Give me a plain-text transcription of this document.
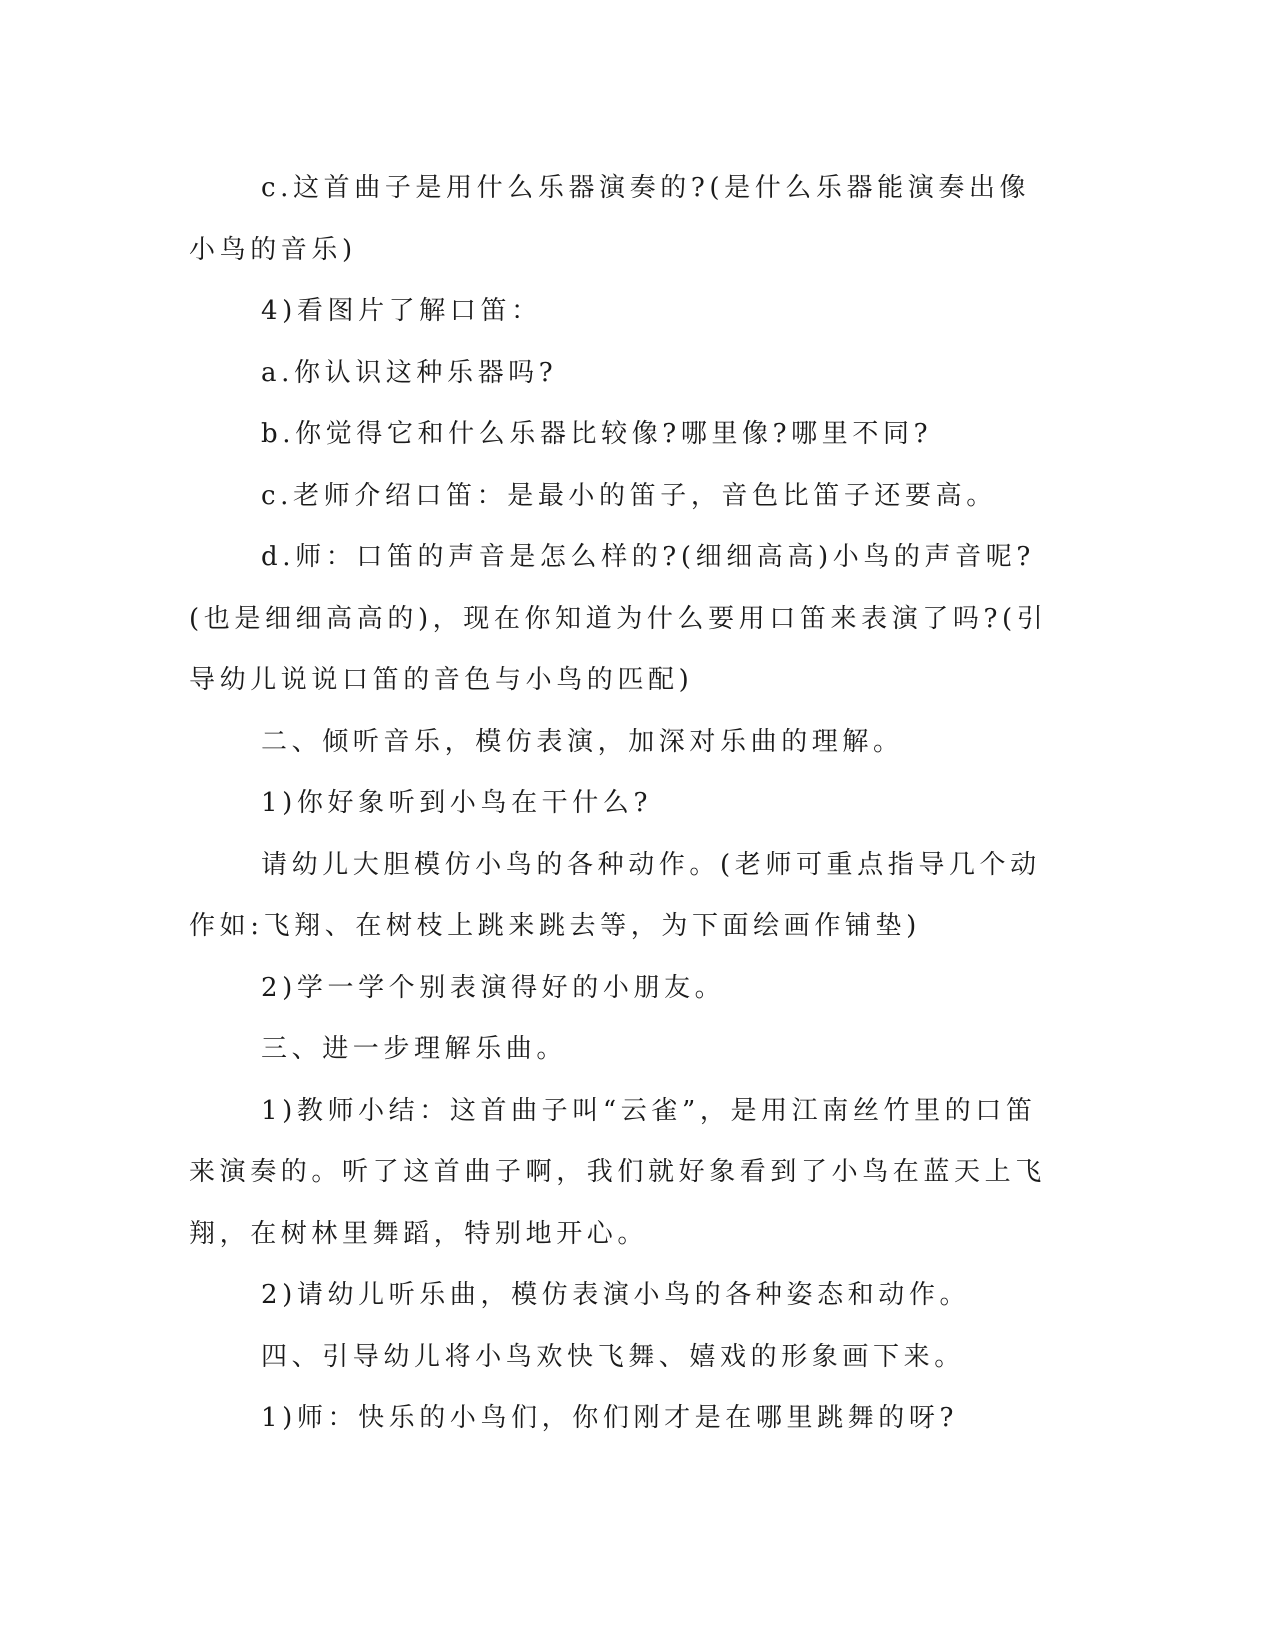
c.这首曲子是用什么乐器演奏的?(是什么乐器能演奏出像小鸟的音乐)

4)看图片了解口笛：

a.你认识这种乐器吗?

b.你觉得它和什么乐器比较像?哪里像?哪里不同?

c.老师介绍口笛：是最小的笛子，音色比笛子还要高。

d.师：口笛的声音是怎么样的?(细细高高)小鸟的声音呢?(也是细细高高的)，现在你知道为什么要用口笛来表演了吗?(引导幼儿说说口笛的音色与小鸟的匹配)

二、倾听音乐，模仿表演，加深对乐曲的理解。

1)你好象听到小鸟在干什么?

请幼儿大胆模仿小鸟的各种动作。(老师可重点指导几个动作如:飞翔、在树枝上跳来跳去等，为下面绘画作铺垫)

2)学一学个别表演得好的小朋友。

三、进一步理解乐曲。

1)教师小结：这首曲子叫“云雀”，是用江南丝竹里的口笛来演奏的。听了这首曲子啊，我们就好象看到了小鸟在蓝天上飞翔，在树林里舞蹈，特别地开心。

2)请幼儿听乐曲，模仿表演小鸟的各种姿态和动作。

四、引导幼儿将小鸟欢快飞舞、嬉戏的形象画下来。

1)师：快乐的小鸟们，你们刚才是在哪里跳舞的呀?
